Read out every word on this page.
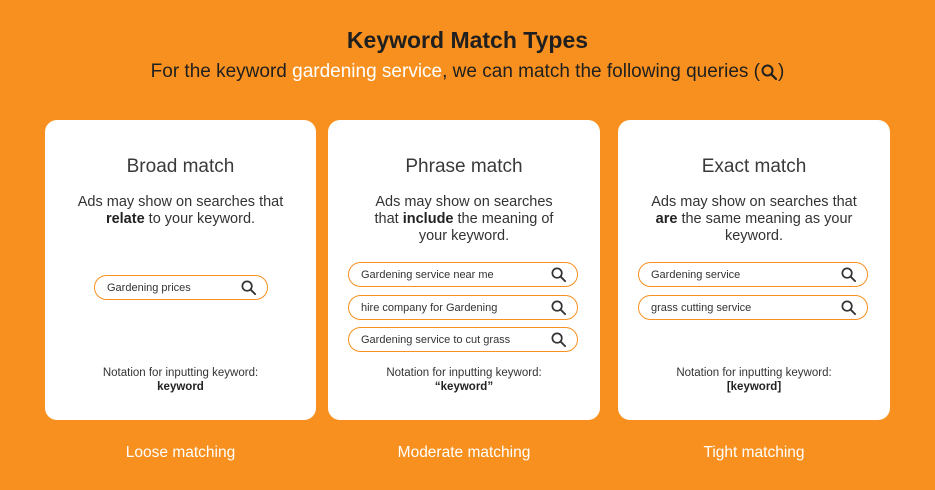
Keyword Match Types
For the keyword gardening service , we can match the following queries ( )
Broad match
Ads may show on searches that relate to your keyword.
Gardening prices
Notation for inputting keyword:
keyword
Phrase match
Ads may show on searches that include the meaning of your keyword.
Gardening service near me
hire company for Gardening
Gardening service to cut grass
Notation for inputting keyword:
“keyword”
Exact match
Ads may show on searches that are the same meaning as your keyword.
Gardening service
grass cutting service
Notation for inputting keyword:
[keyword]
Loose matching	Moderate matching	Tight matching
